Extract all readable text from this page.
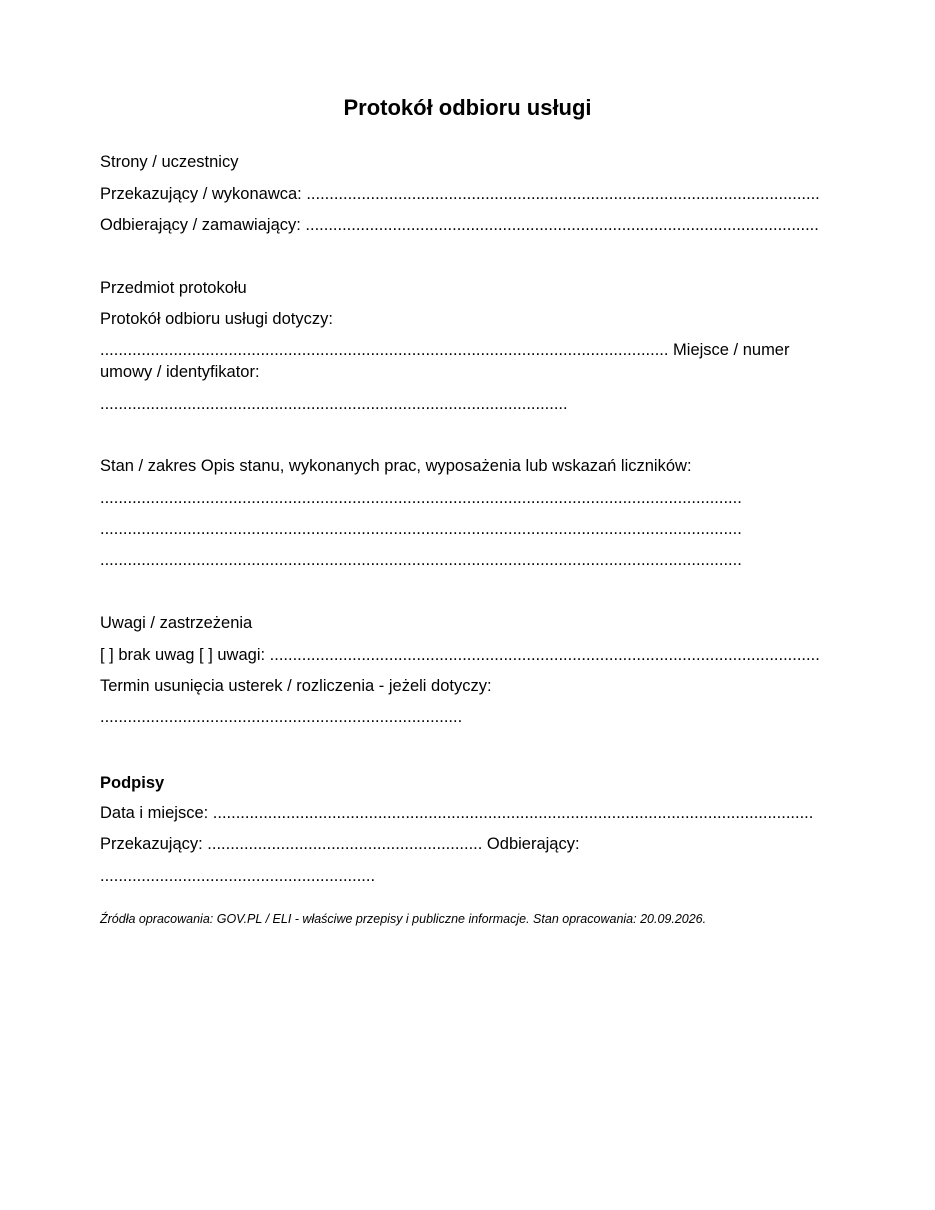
Protokół odbioru usługi
Strony / uczestnicy
Przekazujący / wykonawca: ................................................................................................................
Odbierający / zamawiający: ................................................................................................................
Przedmiot protokołu
Protokół odbioru usługi dotyczy:
............................................................................................................................ Miejsce / numer umowy / identyfikator:
......................................................................................................
Stan / zakres Opis stanu, wykonanych prac, wyposażenia lub wskazań liczników:
............................................................................................................................................
............................................................................................................................................
............................................................................................................................................
Uwagi / zastrzeżenia
[ ] brak uwag [ ] uwagi: ........................................................................................................................
Termin usunięcia usterek / rozliczenia - jeżeli dotyczy:
...............................................................................
Podpisy
Data i miejsce: ...................................................................................................................................
Przekazujący: ............................................................ Odbierający:
............................................................
Źródła opracowania: GOV.PL / ELI - właściwe przepisy i publiczne informacje. Stan opracowania: 20.09.2026.
